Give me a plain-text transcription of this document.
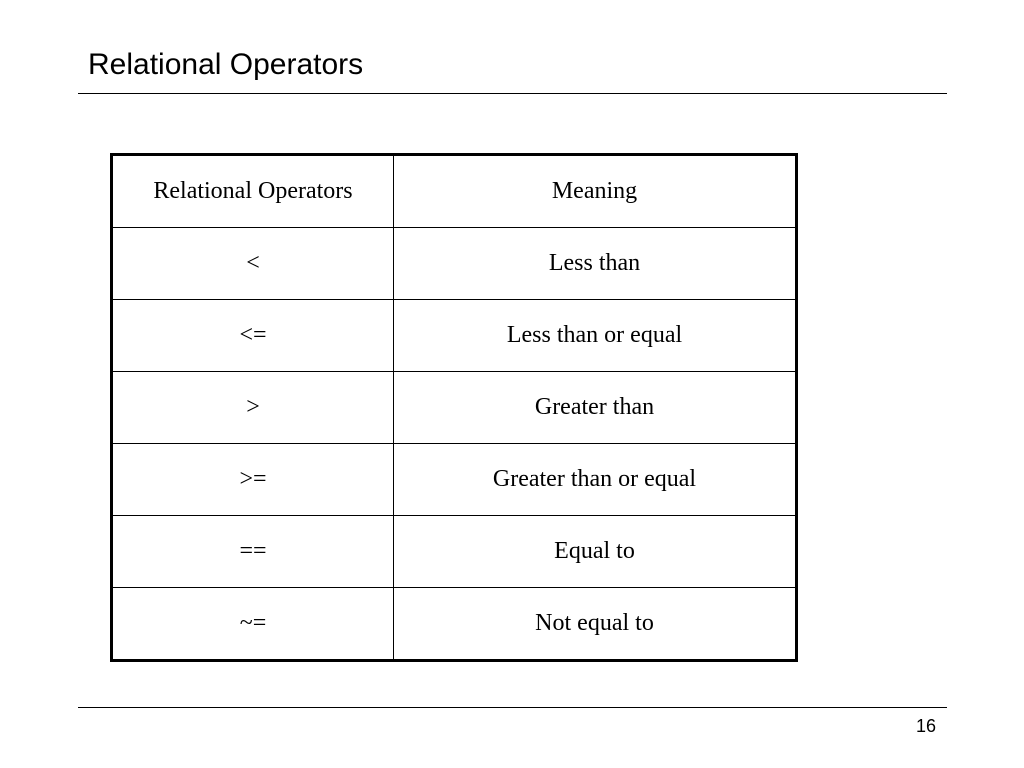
Relational Operators
Relational Operators	Meaning
<	Less than
<=	Less than or equal
>	Greater than
>=	Greater than or equal
==	Equal to
~=	Not equal to
16
